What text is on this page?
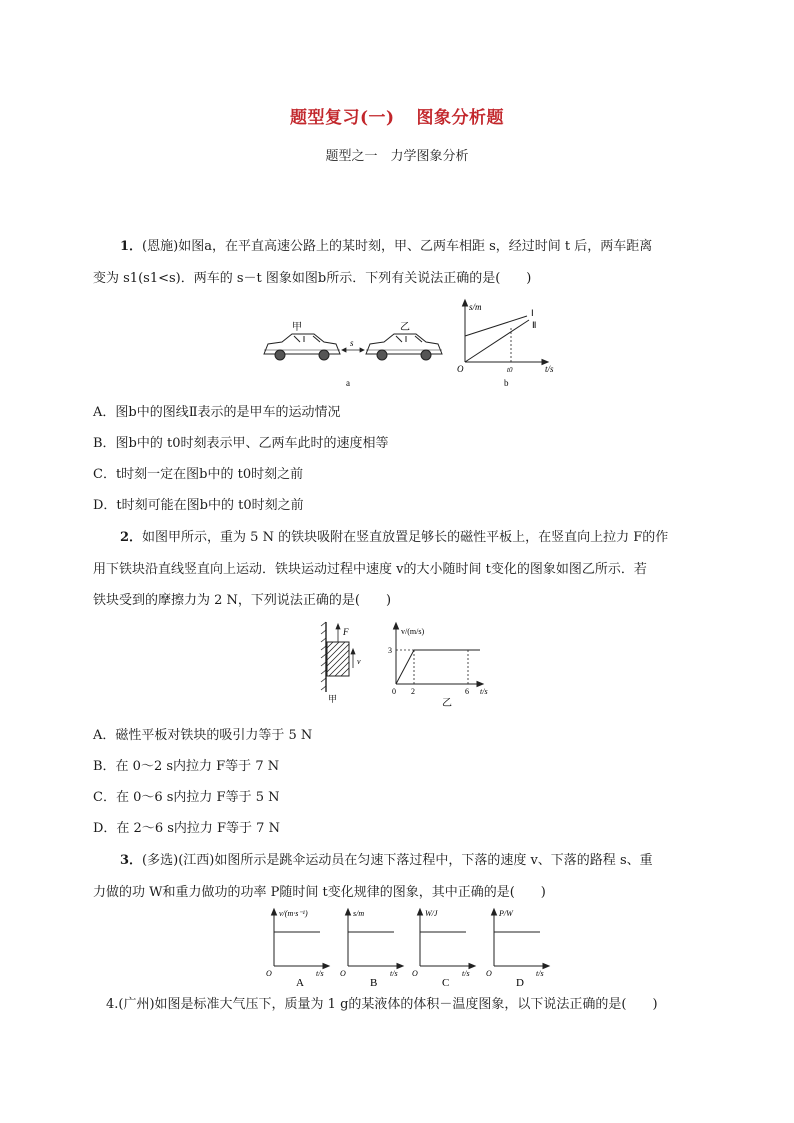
题型复习(一) 图象分析题
题型之一　力学图象分析
1．(恩施)如图a，在平直高速公路上的某时刻，甲、乙两车相距 s，经过时间 t 后，两车距离
变为 s1(s1<s)．两车的 s－t 图象如图b所示．下列有关说法正确的是(　　)
甲	乙
s
a
s/m
Ⅰ
Ⅱ
O	t0	t/s
b
A．图b中的图线Ⅱ表示的是甲车的运动情况
B．图b中的 t0时刻表示甲、乙两车此时的速度相等
C．t时刻一定在图b中的 t0时刻之前
D．t时刻可能在图b中的 t0时刻之前
2．如图甲所示，重为 5 N 的铁块吸附在竖直放置足够长的磁性平板上，在竖直向上拉力 F的作
用下铁块沿直线竖直向上运动．铁块运动过程中速度 v的大小随时间 t变化的图象如图乙所示．若
铁块受到的摩擦力为 2 N，下列说法正确的是(　　)
F
v
甲
v/(m/s)
3
0 2	6 t/s
乙
A．磁性平板对铁块的吸引力等于 5 N
B．在 0～2 s内拉力 F等于 7 N
C．在 0～6 s内拉力 F等于 5 N
D．在 2～6 s内拉力 F等于 7 N
3．(多选)(江西)如图所示是跳伞运动员在匀速下落过程中，下落的速度 v、下落的路程 s、重
力做的功 W和重力做功的功率 P随时间 t变化规律的图象，其中正确的是(　　)
v/(m·s⁻¹)
O	t/s
A
s/m
O	t/s
B
W/J
O	t/s
C
P/W
O	t/s
D
4.(广州)如图是标准大气压下，质量为 1 g的某液体的体积－温度图象，以下说法正确的是(　　)
